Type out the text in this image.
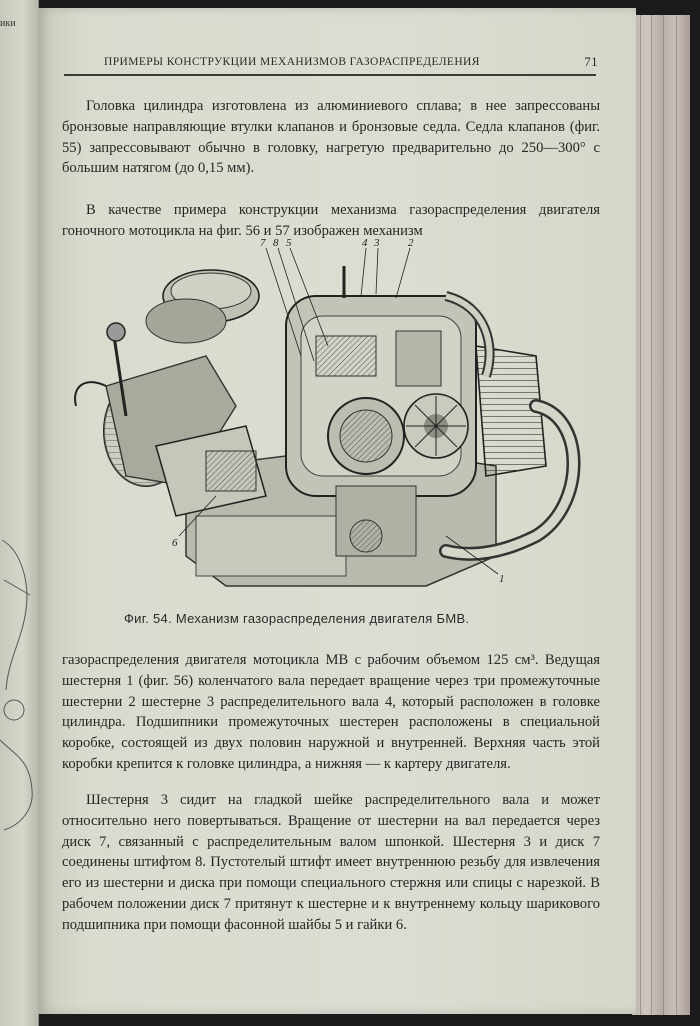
ики
ПРИМЕРЫ КОНСТРУКЦИИ МЕХАНИЗМОВ ГАЗОРАСПРЕДЕЛЕНИЯ	71

Головка цилиндра изготовлена из алюминиевого сплава; в нее запрессованы бронзовые направляющие втулки клапанов и бронзовые седла. Седла клапанов (фиг. 55) запрессовывают обычно в головку, нагретую предварительно до 250—300° с большим натягом (до 0,15 мм).

В качестве примера конструкции механизма газораспределения двигателя гоночного мотоцикла на фиг. 56 и 57 изображен механизм

7 8 5	4 3	2
6
1
Фиг. 54. Механизм газораспределения двигателя БМВ.

газораспределения двигателя мотоцикла МВ с рабочим объемом 125 см³. Ведущая шестерня 1 (фиг. 56) коленчатого вала передает вращение через три промежуточные шестерни 2 шестерне 3 распределительного вала 4, который расположен в головке цилиндра. Подшипники промежуточных шестерен расположены в специальной коробке, состоящей из двух половин наружной и внутренней. Верхняя часть этой коробки крепится к головке цилиндра, а нижняя — к картеру двигателя.

Шестерня 3 сидит на гладкой шейке распределительного вала и может относительно него повертываться. Вращение от шестерни на вал передается через диск 7, связанный с распределительным валом шпонкой. Шестерня 3 и диск 7 соединены штифтом 8. Пустотелый штифт имеет внутреннюю резьбу для извлечения его из шестерни и диска при помощи специального стержня или спицы с нарезкой. В рабочем положении диск 7 притянут к шестерне и к внутреннему кольцу шарикового подшипника при помощи фасонной шайбы 5 и гайки 6.
